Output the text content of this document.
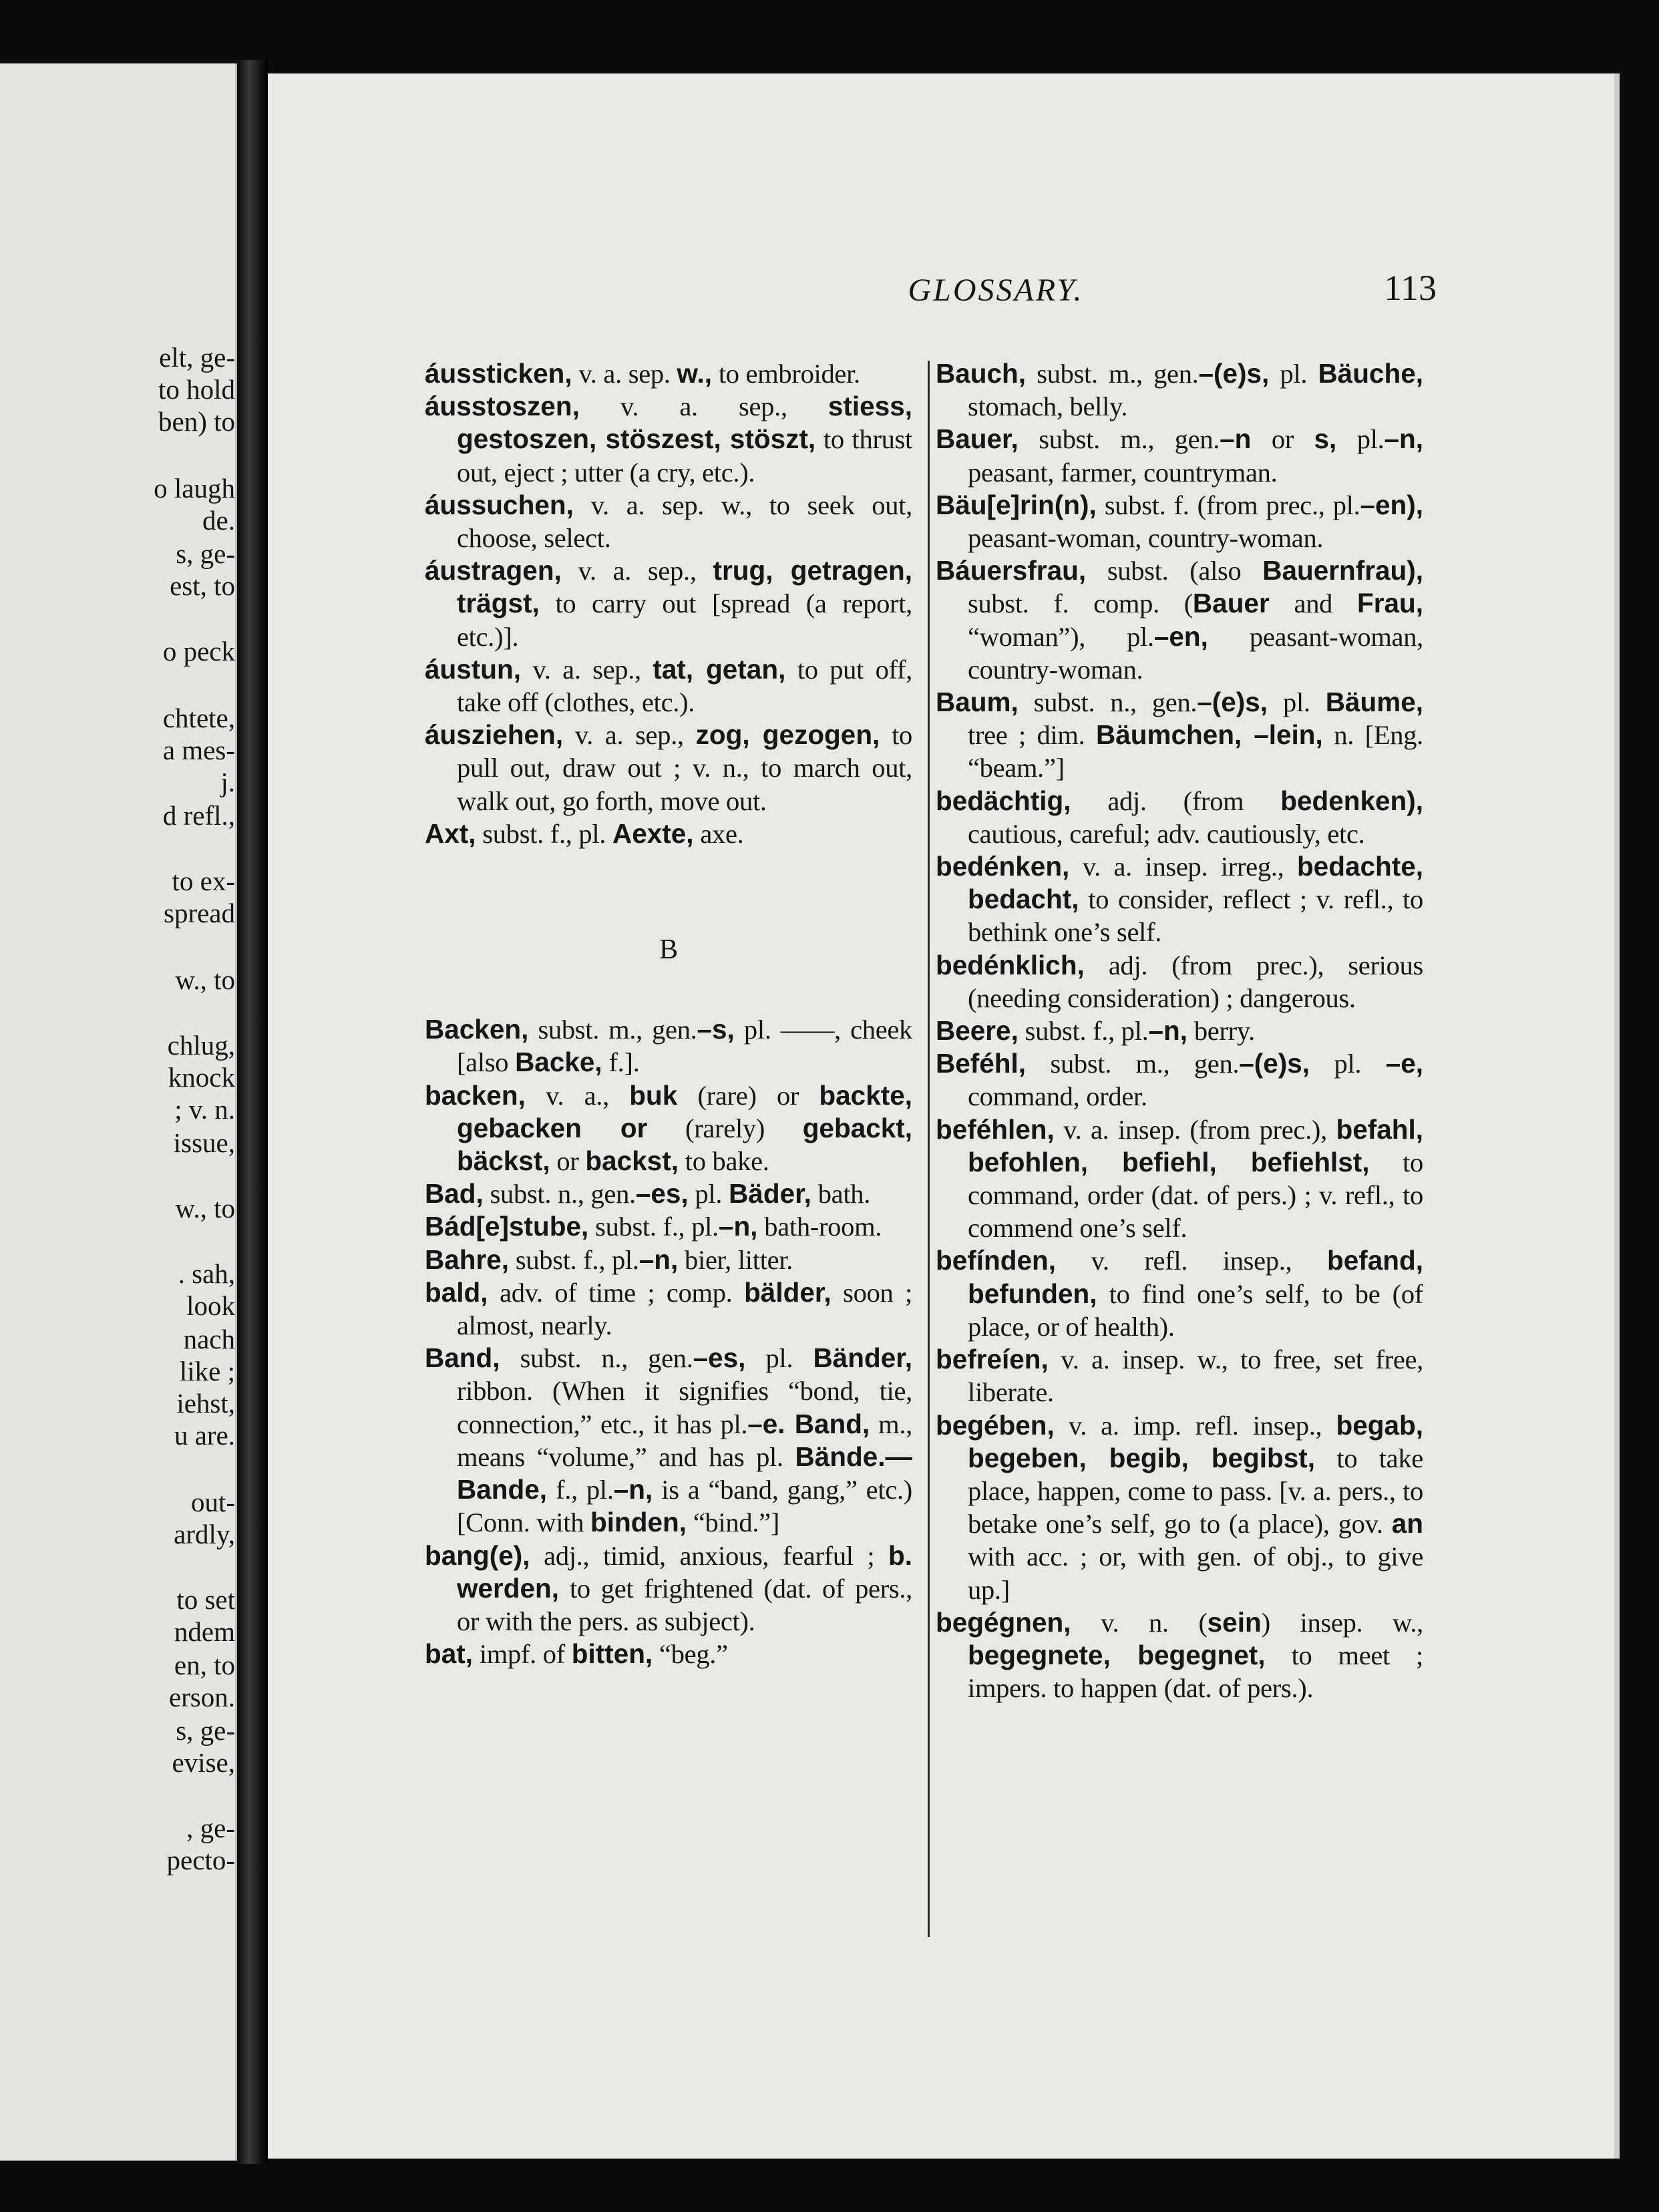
elt, ge-
to hold
ben) to
o laugh
de.
s, ge-
est, to
o peck
chtete,
a mes-
j.
d refl.,
to ex-
spread
w., to
chlug,
knock
; v. n.
issue,
w., to
. sah,
look
nach
like ;
iehst,
u are.
out-
ardly,
to set
ndem
en, to
erson.
s, ge-
evise,
, ge-
pecto-
GLOSSARY.	113

áussticken, v. a. sep. w., to embroider.

áusstoszen, v. a. sep., stiess, gestoszen, stöszest, stöszt, to thrust out, eject ; utter (a cry, etc.).

áussuchen, v. a. sep. w., to seek out, choose, select.

áustragen, v. a. sep., trug, getragen, trägst, to carry out [spread (a report, etc.)].

áustun, v. a. sep., tat, getan, to put off, take off (clothes, etc.).

áusziehen, v. a. sep., zog, gezogen, to pull out, draw out ; v. n., to march out, walk out, go forth, move out.

Axt, subst. f., pl. Aexte, axe.

B

Backen, subst. m., gen.–s, pl. ——, cheek [also Backe, f.].

backen, v. a., buk (rare) or backte, gebacken or (rarely) gebackt, bäckst, or backst, to bake.

Bad, subst. n., gen.–es, pl. Bäder, bath.

Bád[e]stube, subst. f., pl.–n, bath-room.

Bahre, subst. f., pl.–n, bier, litter.

bald, adv. of time ; comp. bälder, soon ; almost, nearly.

Band, subst. n., gen.–es, pl. Bänder, ribbon. (When it signifies “bond, tie, connection,” etc., it has pl.–e. Band, m., means “volume,” and has pl. Bände.—Bande, f., pl.–n, is a “band, gang,” etc.) [Conn. with binden, “bind.”]

bang(e), adj., timid, anxious, fearful ; b. werden, to get frightened (dat. of pers., or with the pers. as subject).

bat, impf. of bitten, “beg.”

Bauch, subst. m., gen.–(e)s, pl. Bäuche, stomach, belly.

Bauer, subst. m., gen.–n or s, pl.–n, peasant, farmer, countryman.

Bäu[e]rin(n), subst. f. (from prec., pl.–en), peasant-woman, country-woman.

Báuersfrau, subst. (also Bauernfrau), subst. f. comp. (Bauer and Frau, “woman”), pl.–en, peasant-woman, country-woman.

Baum, subst. n., gen.–(e)s, pl. Bäume, tree ; dim. Bäumchen, –lein, n. [Eng. “beam.”]

bedächtig, adj. (from bedenken), cautious, careful; adv. cautiously, etc.

bedénken, v. a. insep. irreg., bedachte, bedacht, to consider, reflect ; v. refl., to bethink one’s self.

bedénklich, adj. (from prec.), serious (needing consideration) ; dangerous.

Beere, subst. f., pl.–n, berry.

Beféhl, subst. m., gen.–(e)s, pl. –e, command, order.

beféhlen, v. a. insep. (from prec.), befahl, befohlen, befiehl, befiehlst, to command, order (dat. of pers.) ; v. refl., to commend one’s self.

befínden, v. refl. insep., befand, befunden, to find one’s self, to be (of place, or of health).

befreíen, v. a. insep. w., to free, set free, liberate.

begében, v. a. imp. refl. insep., begab, begeben, begib, begibst, to take place, happen, come to pass. [v. a. pers., to betake one’s self, go to (a place), gov. an with acc. ; or, with gen. of obj., to give up.]

begégnen, v. n. (sein) insep. w., begegnete, begegnet, to meet ; impers. to happen (dat. of pers.).
